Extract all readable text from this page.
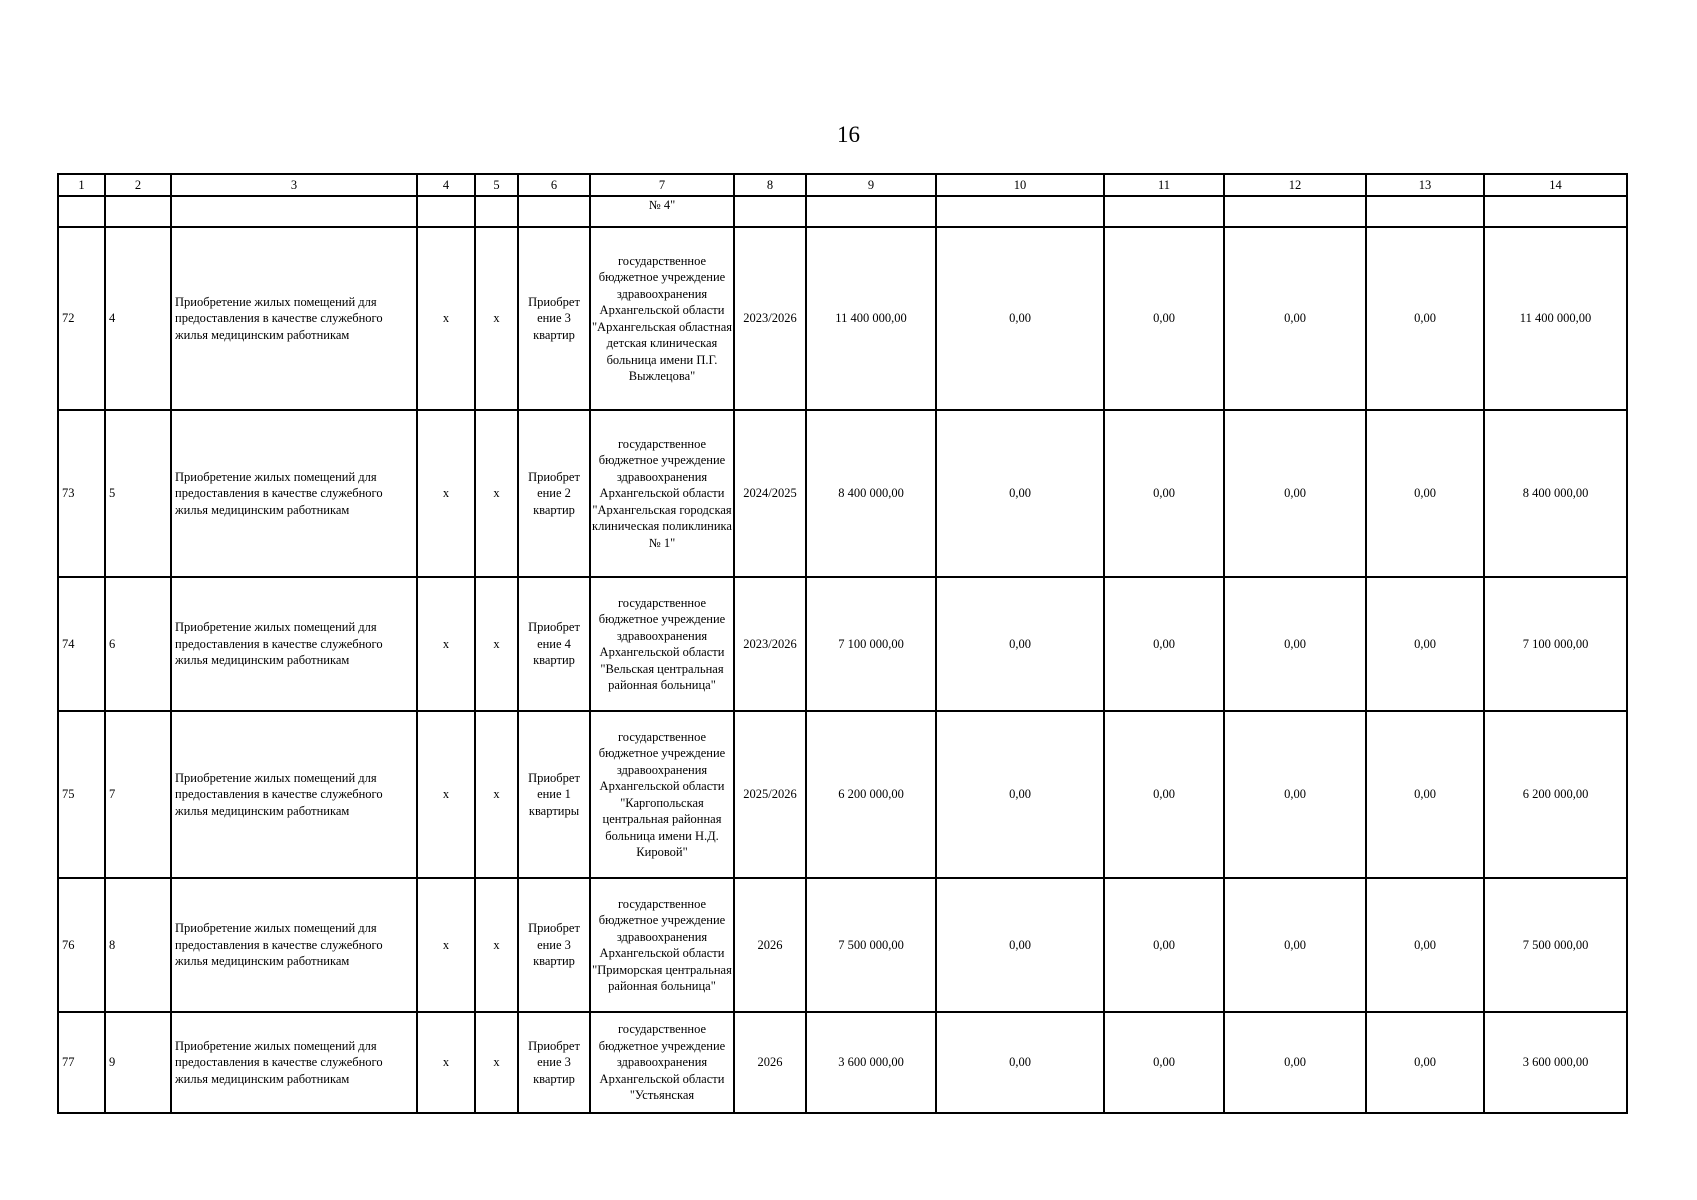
16
1	2	3	4	5	6	7	8	9	10	11	12	13	14
						№ 4"							
72	4	Приобретение жилых помещений для предоставления в качестве служебного жилья медицинским работникам	х	х	Приобрет ение 3 квартир	государственное бюджетное учреждение здравоохранения Архангельской области "Архангельская областная детская клиническая больница имени П.Г. Выжлецова"	2023/2026	11 400 000,00	0,00	0,00	0,00	0,00	11 400 000,00
73	5	Приобретение жилых помещений для предоставления в качестве служебного жилья медицинским работникам	х	х	Приобрет ение 2 квартир	государственное бюджетное учреждение здравоохранения Архангельской области "Архангельская городская клиническая поликлиника № 1"	2024/2025	8 400 000,00	0,00	0,00	0,00	0,00	8 400 000,00
74	6	Приобретение жилых помещений для предоставления в качестве служебного жилья медицинским работникам	х	х	Приобрет ение 4 квартир	государственное бюджетное учреждение здравоохранения Архангельской области "Вельская центральная районная больница"	2023/2026	7 100 000,00	0,00	0,00	0,00	0,00	7 100 000,00
75	7	Приобретение жилых помещений для предоставления в качестве служебного жилья медицинским работникам	х	х	Приобрет ение 1 квартиры	государственное бюджетное учреждение здравоохранения Архангельской области "Каргопольская центральная районная больница имени Н.Д. Кировой"	2025/2026	6 200 000,00	0,00	0,00	0,00	0,00	6 200 000,00
76	8	Приобретение жилых помещений для предоставления в качестве служебного жилья медицинским работникам	х	х	Приобрет ение 3 квартир	государственное бюджетное учреждение здравоохранения Архангельской области "Приморская центральная районная больница"	2026	7 500 000,00	0,00	0,00	0,00	0,00	7 500 000,00
77	9	Приобретение жилых помещений для предоставления в качестве служебного жилья медицинским работникам	х	х	Приобрет ение 3 квартир	государственное бюджетное учреждение здравоохранения Архангельской области "Устьянская	2026	3 600 000,00	0,00	0,00	0,00	0,00	3 600 000,00
